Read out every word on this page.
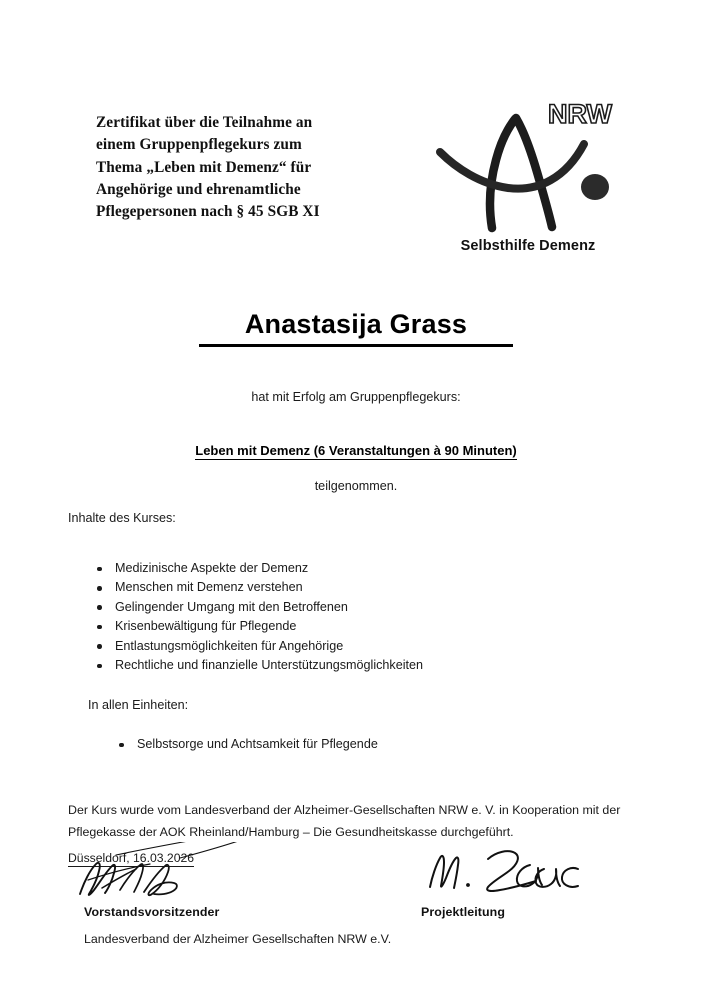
Zertifikat über die Teilnahme an
einem Gruppenpflegekurs zum
Thema „Leben mit Demenz“ für
Angehörige und ehrenamtliche
Pflegepersonen nach § 45 SGB XI
NRW
Selbsthilfe Demenz
Anastasija Grass
hat mit Erfolg am Gruppenpflegekurs:
Leben mit Demenz (6 Veranstaltungen à 90 Minuten)
teilgenommen.
Inhalte des Kurses:
Medizinische Aspekte der Demenz
Menschen mit Demenz verstehen
Gelingender Umgang mit den Betroffenen
Krisenbewältigung für Pflegende
Entlastungsmöglichkeiten für Angehörige
Rechtliche und finanzielle Unterstützungsmöglichkeiten
In allen Einheiten:
Selbstsorge und Achtsamkeit für Pflegende
Der Kurs wurde vom Landesverband der Alzheimer-Gesellschaften NRW e. V. in Kooperation mit der Pflegekasse der AOK Rheinland/Hamburg – Die Gesundheitskasse durchgeführt.
Düsseldorf, 16.03.2026
Vorstandsvorsitzender	Projektleitung
Landesverband der Alzheimer Gesellschaften NRW e.V.
